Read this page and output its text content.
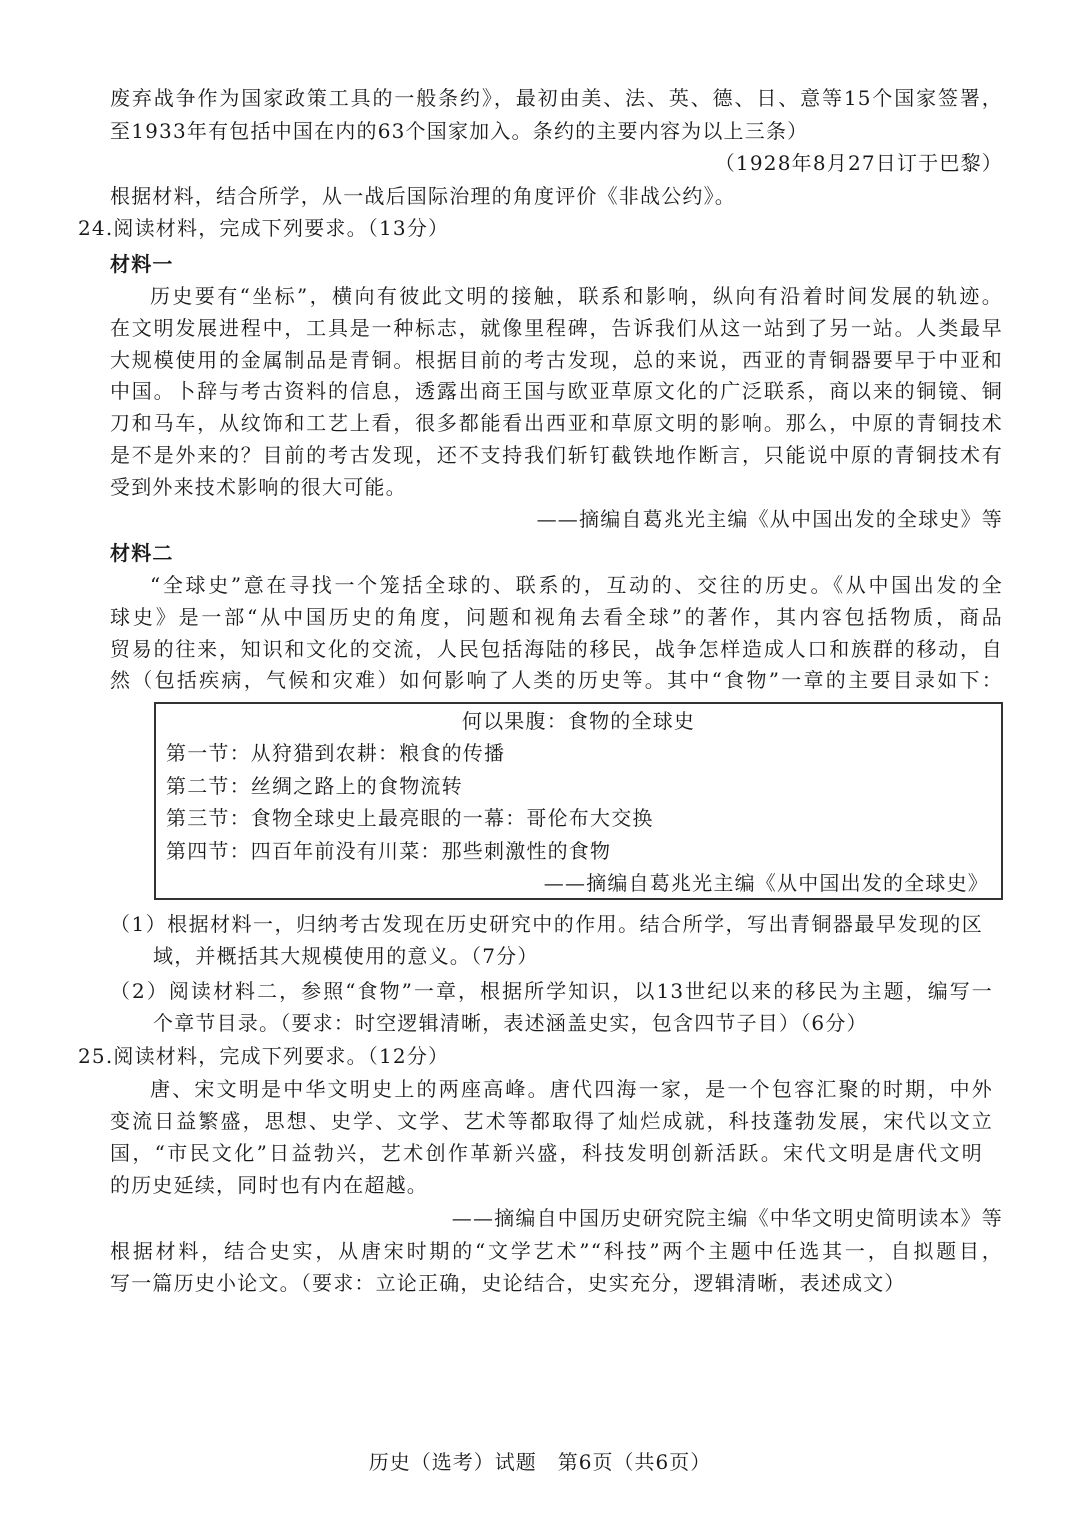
废弃战争作为国家政策工具的一般条约》，最初由美、法、英、德、日、意等15个国家签署，
至1933年有包括中国在内的63个国家加入。条约的主要内容为以上三条）
（1928年8月27日订于巴黎）
根据材料，结合所学，从一战后国际治理的角度评价《非战公约》。
24.阅读材料，完成下列要求。（13分）
材料一
历史要有“坐标”，横向有彼此文明的接触，联系和影响，纵向有沿着时间发展的轨迹。
在文明发展进程中，工具是一种标志，就像里程碑，告诉我们从这一站到了另一站。人类最早
大规模使用的金属制品是青铜。根据目前的考古发现，总的来说，西亚的青铜器要早于中亚和
中国。卜辞与考古资料的信息，透露出商王国与欧亚草原文化的广泛联系，商以来的铜镜、铜
刀和马车，从纹饰和工艺上看，很多都能看出西亚和草原文明的影响。那么，中原的青铜技术
是不是外来的？目前的考古发现，还不支持我们斩钉截铁地作断言，只能说中原的青铜技术有
受到外来技术影响的很大可能。
——摘编自葛兆光主编《从中国出发的全球史》等
材料二
“全球史”意在寻找一个笼括全球的、联系的，互动的、交往的历史。《从中国出发的全
球史》是一部“从中国历史的角度，问题和视角去看全球”的著作，其内容包括物质，商品
贸易的往来，知识和文化的交流，人民包括海陆的移民，战争怎样造成人口和族群的移动，自
然（包括疾病，气候和灾难）如何影响了人类的历史等。其中“食物”一章的主要目录如下：
何以果腹：食物的全球史
第一节：从狩猎到农耕：粮食的传播
第二节：丝绸之路上的食物流转
第三节：食物全球史上最亮眼的一幕：哥伦布大交换
第四节：四百年前没有川菜：那些刺激性的食物
——摘编自葛兆光主编《从中国出发的全球史》
（1）根据材料一，归纳考古发现在历史研究中的作用。结合所学，写出青铜器最早发现的区
域，并概括其大规模使用的意义。（7分）
（2）阅读材料二，参照“食物”一章，根据所学知识，以13世纪以来的移民为主题，编写一
个章节目录。（要求：时空逻辑清晰，表述涵盖史实，包含四节子目）（6分）
25.阅读材料，完成下列要求。（12分）
唐、宋文明是中华文明史上的两座高峰。唐代四海一家，是一个包容汇聚的时期，中外
变流日益繁盛，思想、史学、文学、艺术等都取得了灿烂成就，科技蓬勃发展，宋代以文立
国，“市民文化”日益勃兴，艺术创作革新兴盛，科技发明创新活跃。宋代文明是唐代文明
的历史延续，同时也有内在超越。
——摘编自中国历史研究院主编《中华文明史简明读本》等
根据材料，结合史实，从唐宋时期的“文学艺术”“科技”两个主题中任选其一，自拟题目，
写一篇历史小论文。（要求：立论正确，史论结合，史实充分，逻辑清晰，表述成文）
历史（选考）试题　第6页（共6页）
